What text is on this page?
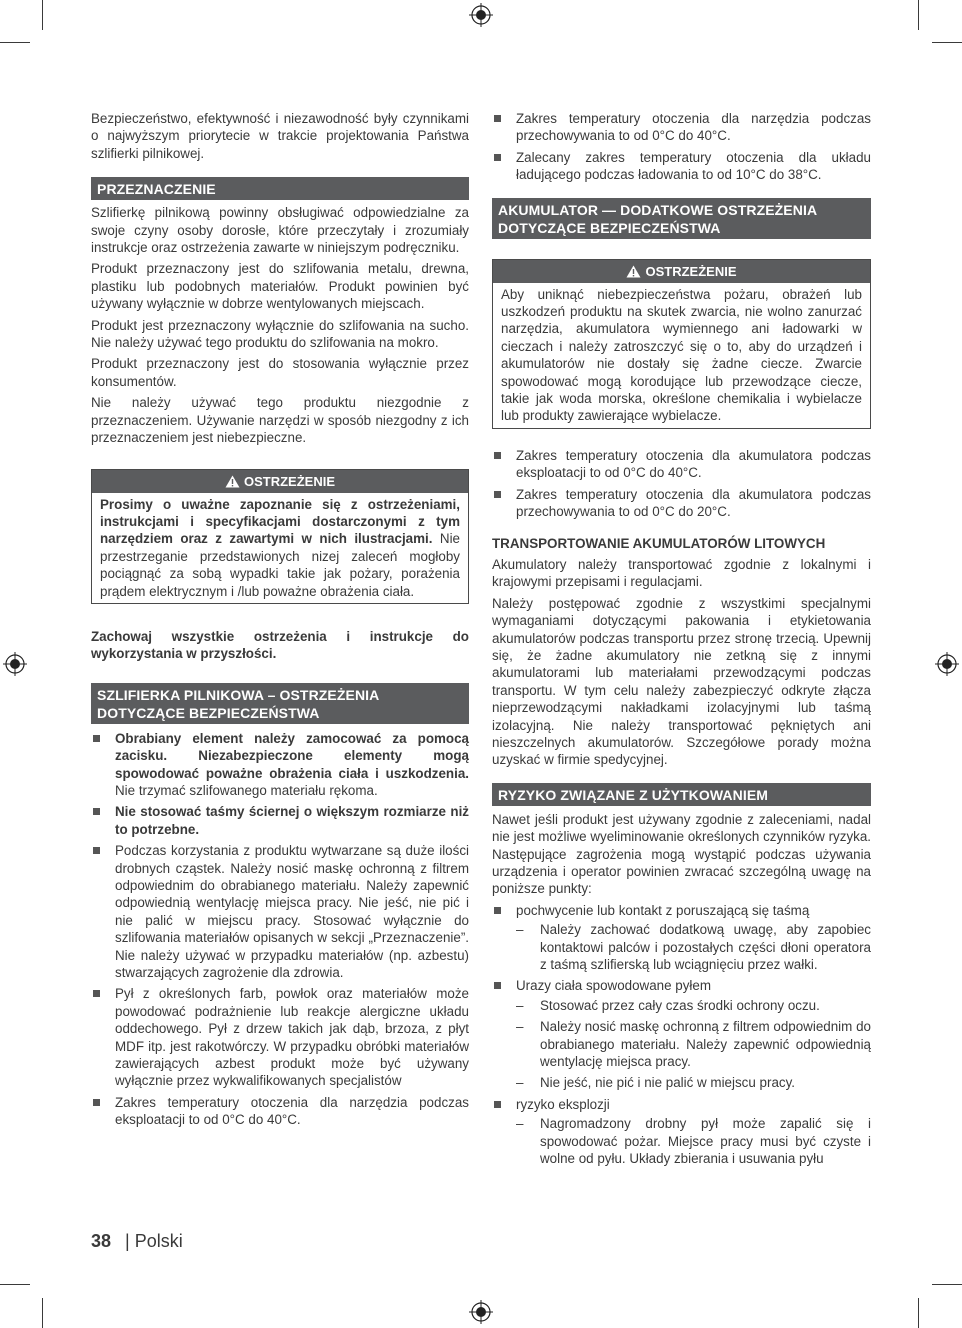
Bezpieczeństwo, efektywność i niezawodność były czynnikami o najwyższym priorytecie w trakcie projektowania Państwa szlifierki pilnikowej.

PRZEZNACZENIE

Szlifierkę pilnikową powinny obsługiwać odpowiedzialne za swoje czyny osoby dorosłe, które przeczytały i zrozumiały instrukcje oraz ostrzeżenia zawarte w niniejszym podręczniku.

Produkt przeznaczony jest do szlifowania metalu, drewna, plastiku lub podobnych materiałów. Produkt powinien być używany wyłącznie w dobrze wentylowanych miejscach.

Produkt jest przeznaczony wyłącznie do szlifowania na sucho. Nie należy używać tego produktu do szlifowania na mokro.

Produkt przeznaczony jest do stosowania wyłącznie przez konsumentów.

Nie należy używać tego produktu niezgodnie z przeznaczeniem. Używanie narzędzi w sposób niezgodny z ich przeznaczeniem jest niebezpieczne.

OSTRZEŻENIE
Prosimy o uważne zapoznanie się z ostrzeżeniami, instrukcjami i specyfikacjami dostarczonymi z tym narzędziem oraz z zawartymi w nich ilustracjami. Nie przestrzeganie przedstawionych nizej zaleceń mogłoby pociągnąć za sobą wypadki takie jak pożary, porażenia prądem elektrycznym i /lub poważne obrażenia ciała.

Zachowaj wszystkie ostrzeżenia i instrukcje do wykorzystania w przyszłości.

SZLIFIERKA PILNIKOWA – OSTRZEŻENIA
DOTYCZĄCE BEZPIECZEŃSTWA
Obrabiany element należy zamocować za pomocą zacisku. Niezabezpieczone elementy mogą spowodować poważne obrażenia ciała i uszkodzenia. Nie trzymać szlifowanego materiału rękoma.
Nie stosować taśmy ściernej o większym rozmiarze niż to potrzebne.
Podczas korzystania z produktu wytwarzane są duże ilości drobnych cząstek. Należy nosić maskę ochronną z filtrem odpowiednim do obrabianego materiału. Należy zapewnić odpowiednią wentylację miejsca pracy. Nie jeść, nie pić i nie palić w miejscu pracy. Stosować wyłącznie do szlifowania materiałów opisanych w sekcji „Przeznaczenie”. Nie należy używać w przypadku materiałów (np. azbestu) stwarzających zagrożenie dla zdrowia.
Pył z określonych farb, powłok oraz materiałów może powodować podrażnienie lub reakcje alergiczne układu oddechowego. Pył z drzew takich jak dąb, brzoza, z płyt MDF itp. jest rakotwórczy. W przypadku obróbki materiałów zawierających azbest produkt może być używany wyłącznie przez wykwalifikowanych specjalistów
Zakres temperatury otoczenia dla narzędzia podczas eksploatacji to od 0°C do 40°C.
Zakres temperatury otoczenia dla narzędzia podczas przechowywania to od 0°C do 40°C.
Zalecany zakres temperatury otoczenia dla układu ładującego podczas ładowania to od 10°C do 38°C.
AKUMULATOR — DODATKOWE OSTRZEŻENIA
DOTYCZĄCE BEZPIECZEŃSTWA
OSTRZEŻENIE
Aby uniknąć niebezpieczeństwa pożaru, obrażeń lub uszkodzeń produktu na skutek zwarcia, nie wolno zanurzać narzędzia, akumulatora wymiennego ani ładowarki w cieczach i należy zatroszczyć się o to, aby do urządzeń i akumulatorów nie dostały się żadne ciecze. Zwarcie spowodować mogą korodujące lub przewodzące ciecze, takie jak woda morska, określone chemikalia i wybielacze lub produkty zawierające wybielacze.
Zakres temperatury otoczenia dla akumulatora podczas eksploatacji to od 0°C do 40°C.
Zakres temperatury otoczenia dla akumulatora podczas przechowywania to od 0°C do 20°C.

TRANSPORTOWANIE AKUMULATORÓW LITOWYCH

Akumulatory należy transportować zgodnie z lokalnymi i krajowymi przepisami i regulacjami.

Należy postępować zgodnie z wszystkimi specjalnymi wymaganiami dotyczącymi pakowania i etykietowania akumulatorów podczas transportu przez stronę trzecią. Upewnij się, że żadne akumulatory nie zetkną się z innymi akumulatorami lub materiałami przewodzącymi podczas transportu. W tym celu należy zabezpieczyć odkryte złącza nieprzewodzącymi nakładkami izolacyjnymi lub taśmą izolacyjną. Nie należy transportować pękniętych ani nieszczelnych akumulatorów. Szczegółowe porady można uzyskać w firmie spedycyjnej.

RYZYKO ZWIĄZANE Z UŻYTKOWANIEM

Nawet jeśli produkt jest używany zgodnie z zaleceniami, nadal nie jest możliwe wyeliminowanie określonych czynników ryzyka. Następujące zagrożenia mogą wystąpić podczas używania urządzenia i operator powinien zwracać szczególną uwagę na poniższe punkty:

pochwycenie lub kontakt z poruszającą się taśmą
– Należy zachować dodatkową uwagę, aby zapobiec kontaktowi palców i pozostałych części dłoni operatora z taśmą szlifierską lub wciągnięciu przez wałki.
Urazy ciała spowodowane pyłem
– Stosować przez cały czas środki ochrony oczu.
– Należy nosić maskę ochronną z filtrem odpowiednim do obrabianego materiału. Należy zapewnić odpowiednią wentylację miejsca pracy.
– Nie jeść, nie pić i nie palić w miejscu pracy.
ryzyko eksplozji
– Nagromadzony drobny pył może zapalić się i spowodować pożar. Miejsce pracy musi być czyste i wolne od pyłu. Układy zbierania i usuwania pyłu
38 | Polski
